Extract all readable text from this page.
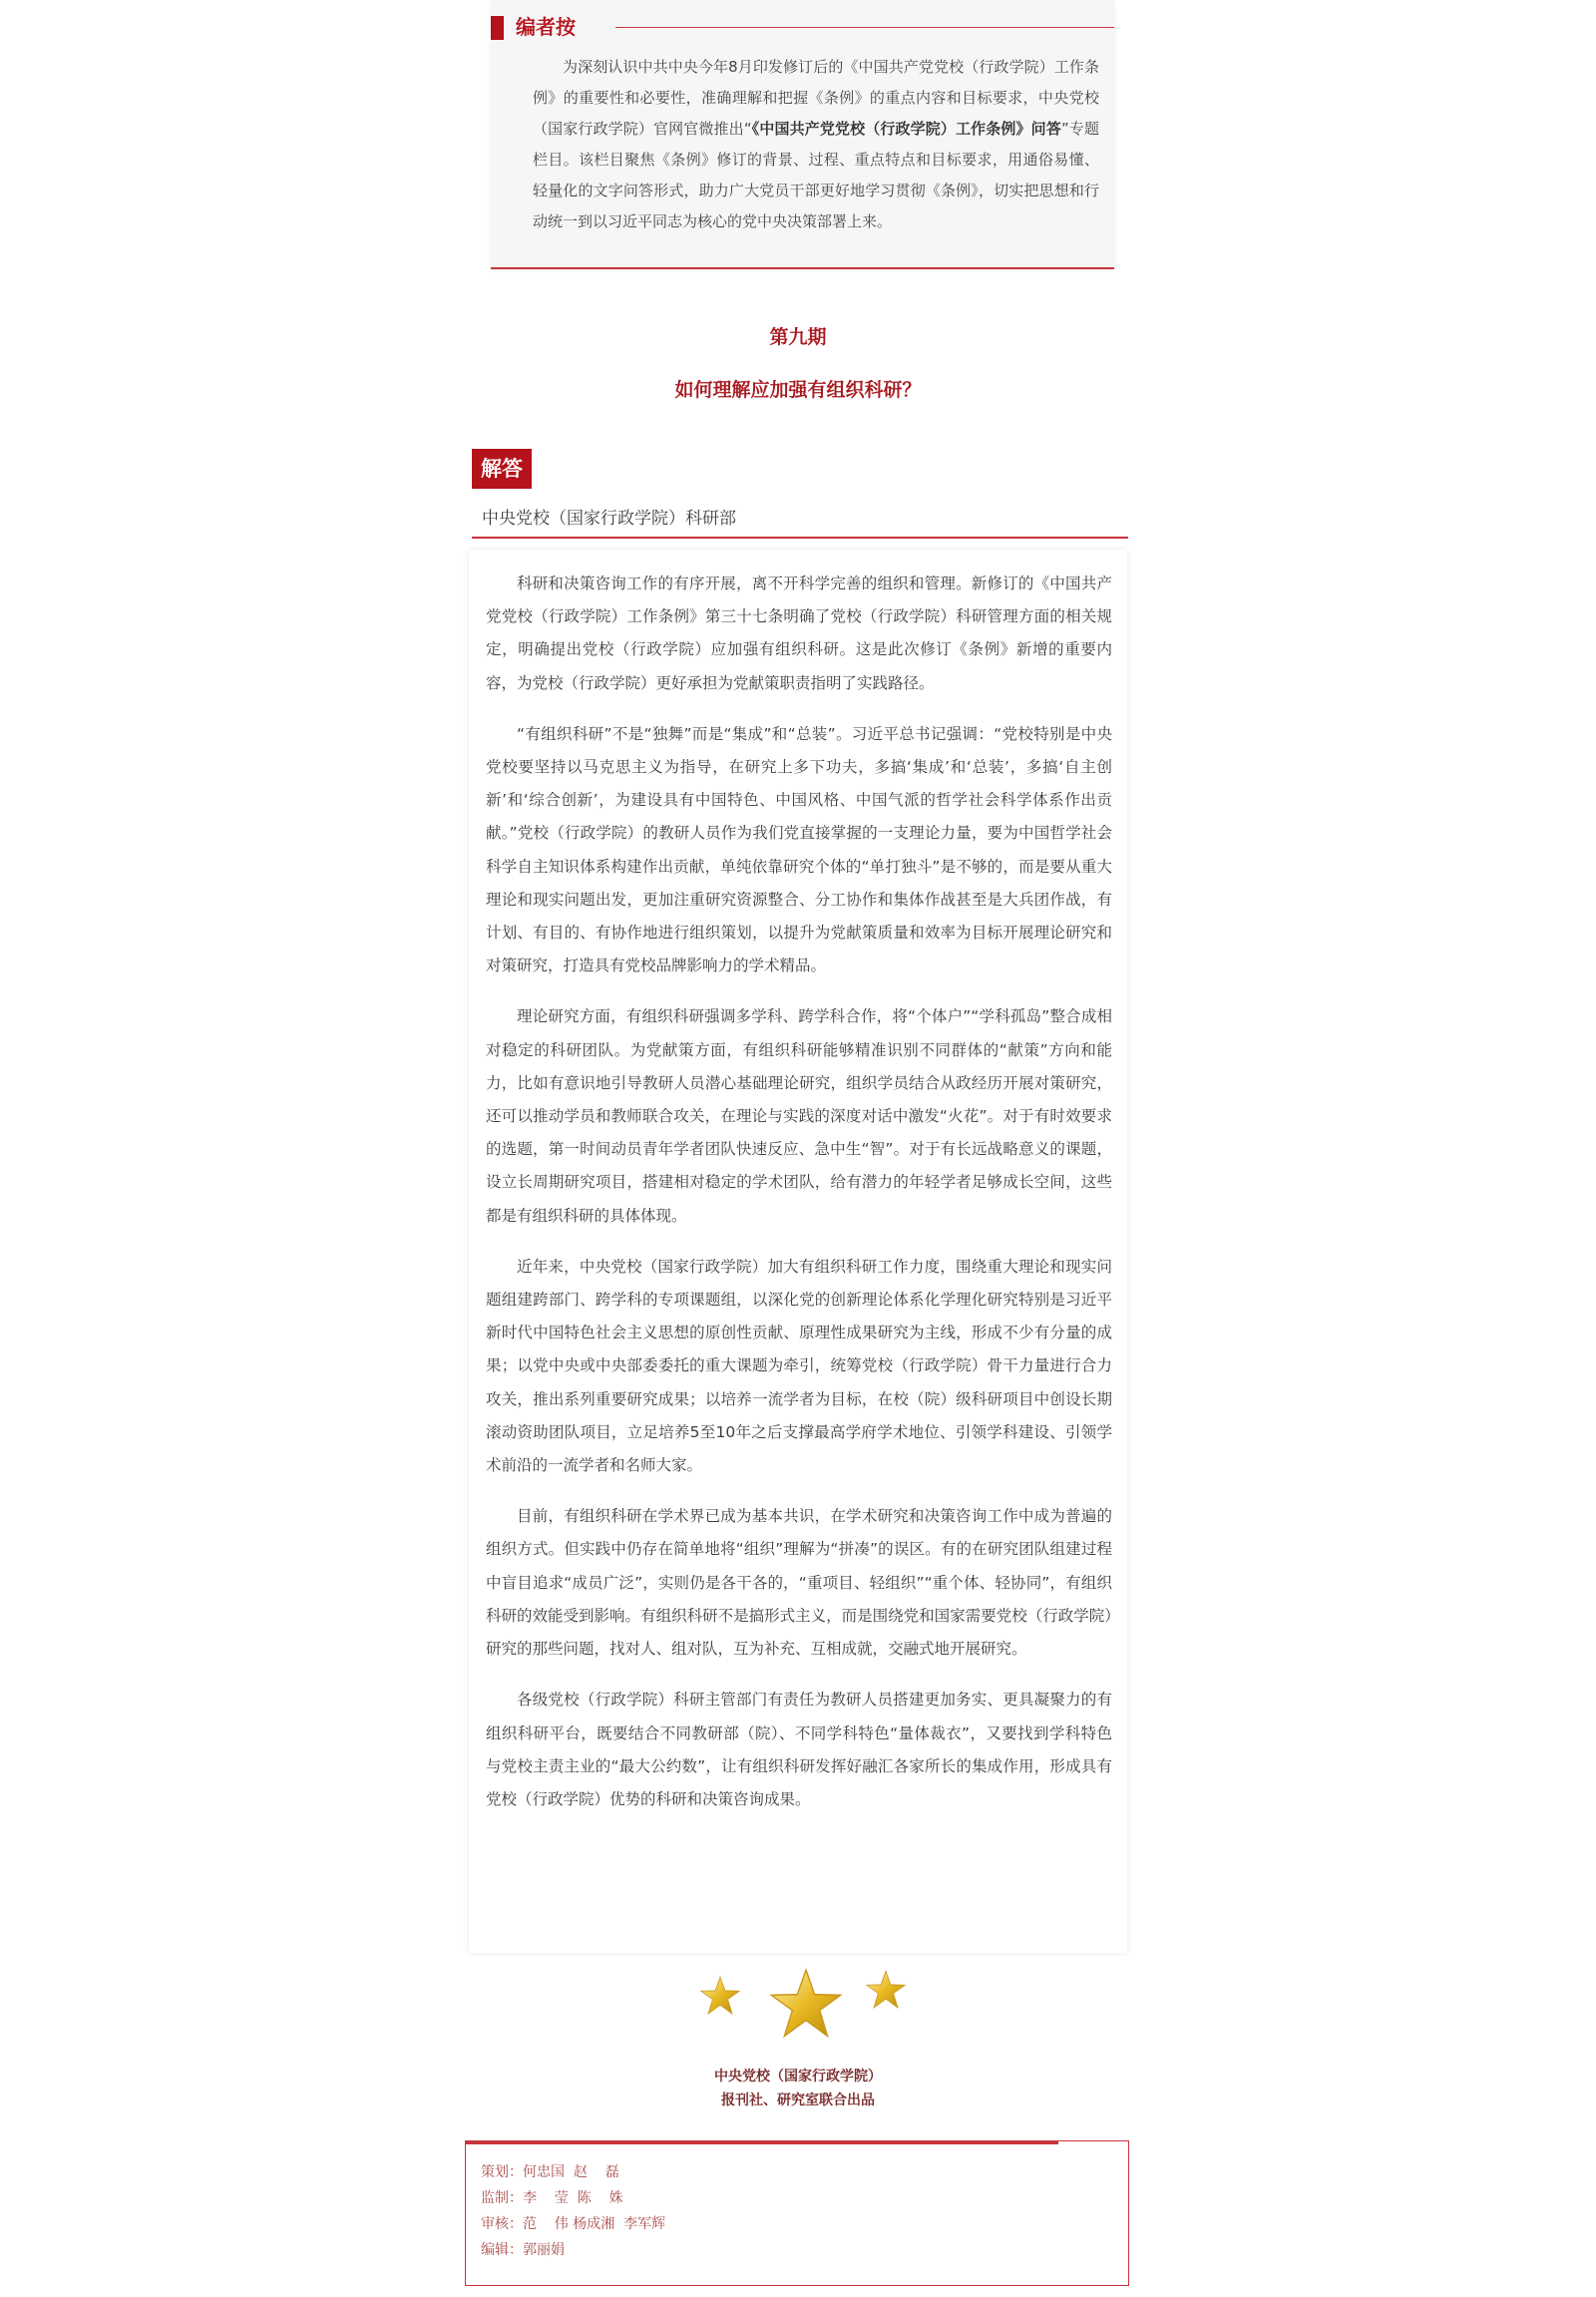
编者按

为深刻认识中共中央今年8月印发修订后的《中国共产党党校（行政学院）工作条例》的重要性和必要性，准确理解和把握《条例》的重点内容和目标要求，中央党校（国家行政学院）官网官微推出“《中国共产党党校（行政学院）工作条例》问答”专题栏目。该栏目聚焦《条例》修订的背景、过程、重点特点和目标要求，用通俗易懂、轻量化的文字问答形式，助力广大党员干部更好地学习贯彻《条例》，切实把思想和行动统一到以习近平同志为核心的党中央决策部署上来。

第九期
如何理解应加强有组织科研？
解答
中央党校（国家行政学院）科研部

科研和决策咨询工作的有序开展，离不开科学完善的组织和管理。新修订的《中国共产党党校（行政学院）工作条例》第三十七条明确了党校（行政学院）科研管理方面的相关规定，明确提出党校（行政学院）应加强有组织科研。这是此次修订《条例》新增的重要内容，为党校（行政学院）更好承担为党献策职责指明了实践路径。

“有组织科研”不是“独舞”而是“集成”和“总装”。习近平总书记强调：“党校特别是中央党校要坚持以马克思主义为指导，在研究上多下功夫，多搞‘集成’和‘总装’，多搞‘自主创新’和‘综合创新’，为建设具有中国特色、中国风格、中国气派的哲学社会科学体系作出贡献。”党校（行政学院）的教研人员作为我们党直接掌握的一支理论力量，要为中国哲学社会科学自主知识体系构建作出贡献，单纯依靠研究个体的“单打独斗”是不够的，而是要从重大理论和现实问题出发，更加注重研究资源整合、分工协作和集体作战甚至是大兵团作战，有计划、有目的、有协作地进行组织策划，以提升为党献策质量和效率为目标开展理论研究和对策研究，打造具有党校品牌影响力的学术精品。

理论研究方面，有组织科研强调多学科、跨学科合作，将“个体户”“学科孤岛”整合成相对稳定的科研团队。为党献策方面，有组织科研能够精准识别不同群体的“献策”方向和能力，比如有意识地引导教研人员潜心基础理论研究，组织学员结合从政经历开展对策研究，还可以推动学员和教师联合攻关，在理论与实践的深度对话中激发“火花”。对于有时效要求的选题，第一时间动员青年学者团队快速反应、急中生“智”。对于有长远战略意义的课题，设立长周期研究项目，搭建相对稳定的学术团队，给有潜力的年轻学者足够成长空间，这些都是有组织科研的具体体现。

近年来，中央党校（国家行政学院）加大有组织科研工作力度，围绕重大理论和现实问题组建跨部门、跨学科的专项课题组，以深化党的创新理论体系化学理化研究特别是习近平新时代中国特色社会主义思想的原创性贡献、原理性成果研究为主线，形成不少有分量的成果；以党中央或中央部委委托的重大课题为牵引，统筹党校（行政学院）骨干力量进行合力攻关，推出系列重要研究成果；以培养一流学者为目标，在校（院）级科研项目中创设长期滚动资助团队项目，立足培养5至10年之后支撑最高学府学术地位、引领学科建设、引领学术前沿的一流学者和名师大家。

目前，有组织科研在学术界已成为基本共识，在学术研究和决策咨询工作中成为普遍的组织方式。但实践中仍存在简单地将“组织”理解为“拼凑”的误区。有的在研究团队组建过程中盲目追求“成员广泛”，实则仍是各干各的，“重项目、轻组织”“重个体、轻协同”，有组织科研的效能受到影响。有组织科研不是搞形式主义，而是围绕党和国家需要党校（行政学院）研究的那些问题，找对人、组对队，互为补充、互相成就，交融式地开展研究。

各级党校（行政学院）科研主管部门有责任为教研人员搭建更加务实、更具凝聚力的有组织科研平台，既要结合不同教研部（院）、不同学科特色“量体裁衣”，又要找到学科特色与党校主责主业的“最大公约数”，让有组织科研发挥好融汇各家所长的集成作用，形成具有党校（行政学院）优势的科研和决策咨询成果。

中央党校（国家行政学院）
报刊社、研究室联合出品
策划：何忠国  赵    磊
监制：李    莹  陈    姝
审核：范    伟 杨成湘  李军辉
编辑：郭丽娟
